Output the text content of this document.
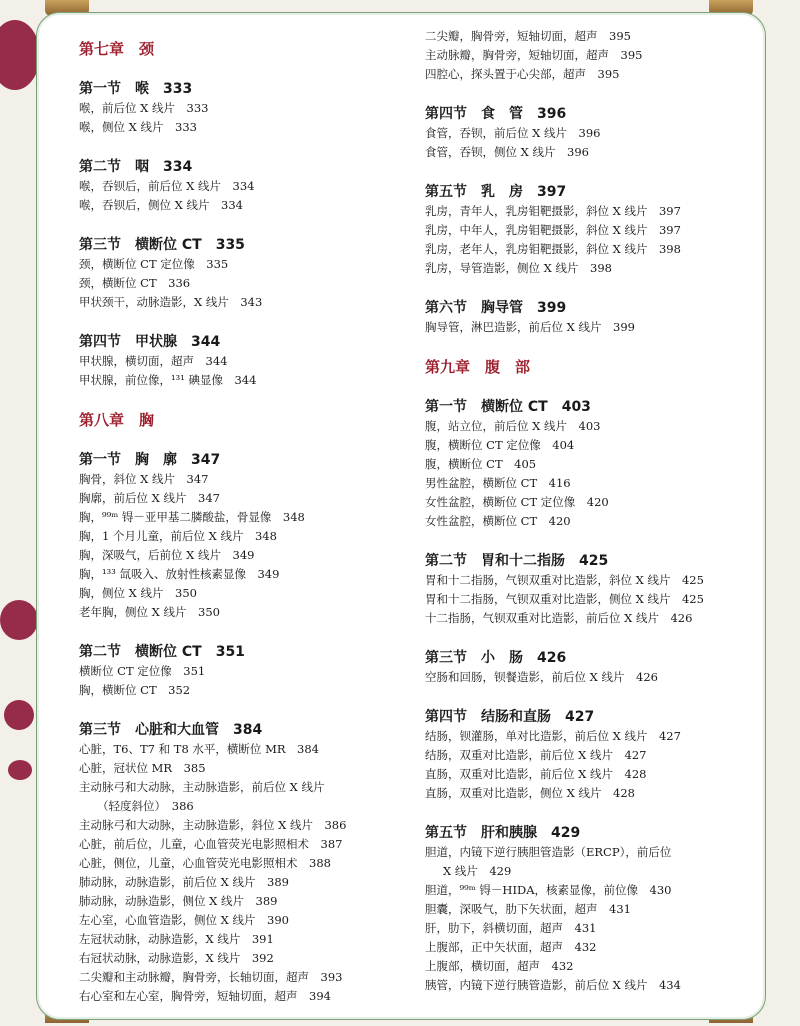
第七章　颈
第一节　喉　333
喉，前后位 X 线片　333
喉，侧位 X 线片　333
第二节　咽　334
喉，吞钡后，前后位 X 线片　334
喉，吞钡后，侧位 X 线片　334
第三节　横断位 CT　335
颈，横断位 CT 定位像　335
颈，横断位 CT　336
甲状颈干，动脉造影，X 线片　343
第四节　甲状腺　344
甲状腺，横切面，超声　344
甲状腺，前位像，¹³¹ 碘显像　344
第八章　胸
第一节　胸　廓　347
胸骨，斜位 X 线片　347
胸廓，前后位 X 线片　347
胸，⁹⁹ᵐ 锝－亚甲基二膦酸盐，骨显像　348
胸，1 个月儿童，前后位 X 线片　348
胸，深吸气，后前位 X 线片　349
胸，¹³³ 氙吸入、放射性核素显像　349
胸，侧位 X 线片　350
老年胸，侧位 X 线片　350
第二节　横断位 CT　351
横断位 CT 定位像　351
胸，横断位 CT　352
第三节　心脏和大血管　384
心脏，T6、T7 和 T8 水平，横断位 MR　384
心脏，冠状位 MR　385
主动脉弓和大动脉，主动脉造影，前后位 X 线片
（轻度斜位）　386
主动脉弓和大动脉，主动脉造影，斜位 X 线片　386
心脏，前后位，儿童，心血管荧光电影照相术　387
心脏，侧位，儿童，心血管荧光电影照相术　388
肺动脉，动脉造影，前后位 X 线片　389
肺动脉，动脉造影，侧位 X 线片　389
左心室，心血管造影，侧位 X 线片　390
左冠状动脉，动脉造影，X 线片　391
右冠状动脉，动脉造影，X 线片　392
二尖瓣和主动脉瓣，胸骨旁，长轴切面，超声　393
右心室和左心室，胸骨旁，短轴切面，超声　394
二尖瓣，胸骨旁，短轴切面，超声　395
主动脉瓣，胸骨旁，短轴切面，超声　395
四腔心，探头置于心尖部，超声　395
第四节　食　管　396
食管，吞钡，前后位 X 线片　396
食管，吞钡，侧位 X 线片　396
第五节　乳　房　397
乳房，青年人，乳房钼靶摄影，斜位 X 线片　397
乳房，中年人，乳房钼靶摄影，斜位 X 线片　397
乳房，老年人，乳房钼靶摄影，斜位 X 线片　398
乳房，导管造影，侧位 X 线片　398
第六节　胸导管　399
胸导管，淋巴造影，前后位 X 线片　399
第九章　腹　部
第一节　横断位 CT　403
腹，站立位，前后位 X 线片　403
腹，横断位 CT 定位像　404
腹，横断位 CT　405
男性盆腔，横断位 CT　416
女性盆腔，横断位 CT 定位像　420
女性盆腔，横断位 CT　420
第二节　胃和十二指肠　425
胃和十二指肠，气钡双重对比造影，斜位 X 线片　425
胃和十二指肠，气钡双重对比造影，侧位 X 线片　425
十二指肠，气钡双重对比造影，前后位 X 线片　426
第三节　小　肠　426
空肠和回肠，钡餐造影，前后位 X 线片　426
第四节　结肠和直肠　427
结肠，钡灌肠，单对比造影，前后位 X 线片　427
结肠，双重对比造影，前后位 X 线片　427
直肠，双重对比造影，前后位 X 线片　428
直肠，双重对比造影，侧位 X 线片　428
第五节　肝和胰腺　429
胆道，内镜下逆行胰胆管造影（ERCP），前后位
X 线片　429
胆道，⁹⁹ᵐ 锝－HIDA，核素显像，前位像　430
胆囊，深吸气，肋下矢状面，超声　431
肝，肋下，斜横切面，超声　431
上腹部，正中矢状面，超声　432
上腹部，横切面，超声　432
胰管，内镜下逆行胰管造影，前后位 X 线片　434
